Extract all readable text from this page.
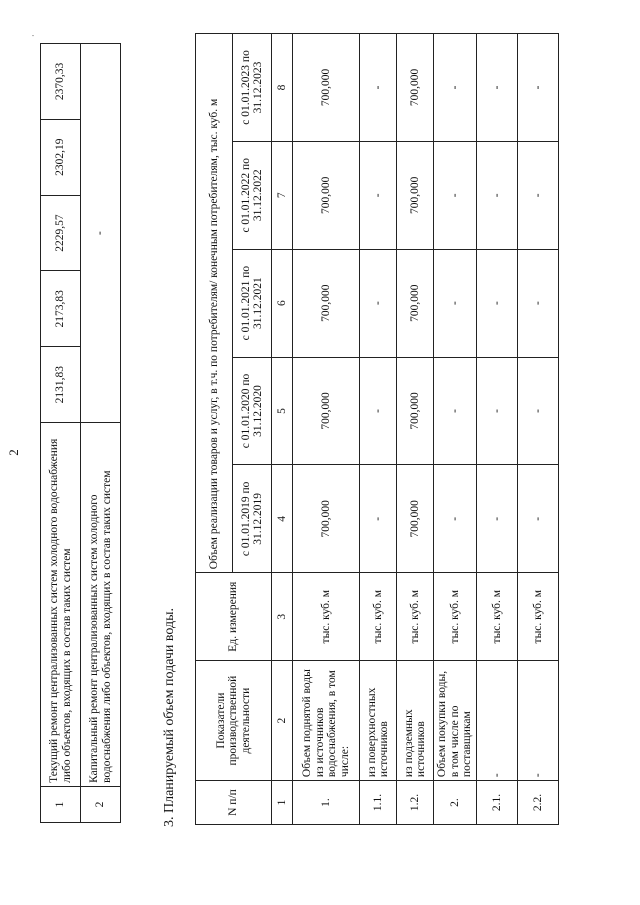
2
·
1	Текущий ремонт централизованных систем холодного водоснабжения либо объектов, входящих в состав таких систем	2131,83	2173,83	2229,57	2302,19	2370,33
2	Капитальный ремонт централизованных систем холодного водоснабжения либо объектов, входящих в состав таких систем	-				
3. Планируемый объем подачи воды.	N п/п	Показатели производственной деятельности	Ед. измерения	Объем реализации товаров и услуг, в т.ч. по потребителям/ конечным потребителям, тыс. куб. м				
			с 01.01.2019 по 31.12.2019	с 01.01.2020 по 31.12.2020	с 01.01.2021 по 31.12.2021	с 01.01.2022 по 31.12.2022	с 01.01.2023 по 31.12.2023
1	2	3	4	5	6	7	8
1.	Объем поднятой воды из источников водоснабжения, в том числе:	тыс. куб. м	700,000	700,000	700,000	700,000	700,000
1.1.	из поверхностных источников	тыс. куб. м	-	-	-	-	-
1.2.	из подземных источников	тыс. куб. м	700,000	700,000	700,000	700,000	700,000
2.	Объем покупки воды, в том числе по поставщикам	тыс. куб. м	-	-	-	-	-
2.1.	-	тыс. куб. м	-	-	-	-	-
2.2.	-	тыс. куб. м	-	-	-	-	-
